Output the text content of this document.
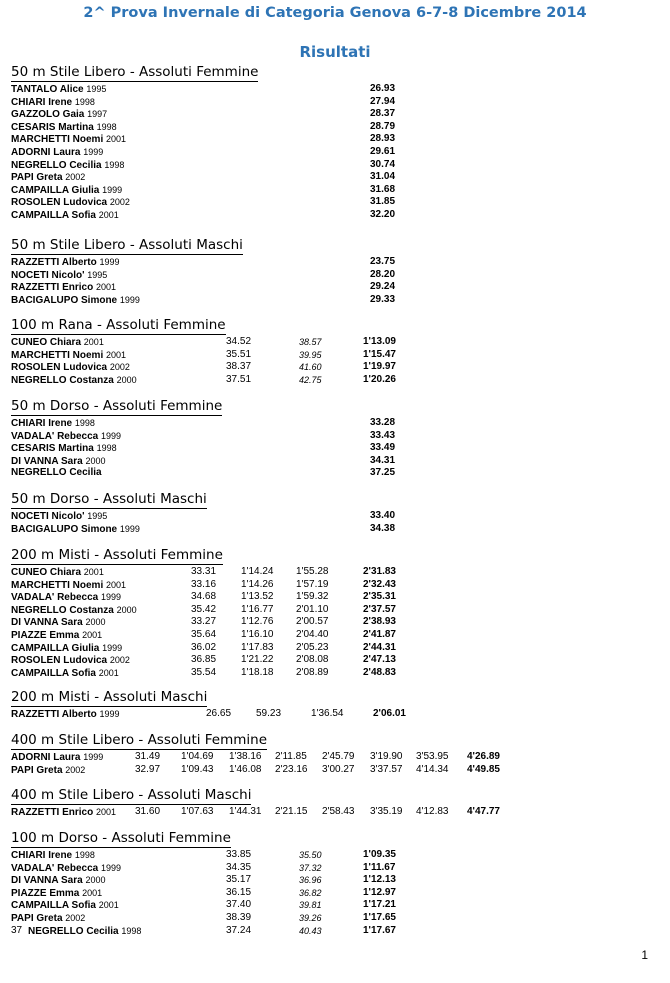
2^ Prova Invernale di Categoria Genova 6-7-8 Dicembre 2014
Risultati
50 m Stile Libero - Assoluti Femmine
TANTALO Alice 1995	26.93
CHIARI Irene 1998	27.94
GAZZOLO Gaia 1997	28.37
CESARIS Martina 1998	28.79
MARCHETTI Noemi 2001	28.93
ADORNI Laura 1999	29.61
NEGRELLO Cecilia 1998	30.74
PAPI Greta 2002	31.04
CAMPAILLA Giulia 1999	31.68
ROSOLEN Ludovica 2002	31.85
CAMPAILLA Sofia 2001	32.20
50 m Stile Libero - Assoluti Maschi
RAZZETTI Alberto 1999	23.75
NOCETI Nicolo' 1995	28.20
RAZZETTI Enrico 2001	29.24
BACIGALUPO Simone 1999	29.33
100 m Rana - Assoluti Femmine
CUNEO Chiara 2001	34.52	38.57	1'13.09
MARCHETTI Noemi 2001	35.51	39.95	1'15.47
ROSOLEN Ludovica 2002	38.37	41.60	1'19.97
NEGRELLO Costanza 2000	37.51	42.75	1'20.26
50 m Dorso - Assoluti Femmine
CHIARI Irene 1998	33.28
VADALA' Rebecca 1999	33.43
CESARIS Martina 1998	33.49
DI VANNA Sara 2000	34.31
NEGRELLO Cecilia	37.25
50 m Dorso - Assoluti Maschi
NOCETI Nicolo' 1995	33.40
BACIGALUPO Simone 1999	34.38
200 m Misti - Assoluti Femmine
CUNEO Chiara 2001	33.31 1'14.24 1'55.28	2'31.83
MARCHETTI Noemi 2001	33.16 1'14.26 1'57.19	2'32.43
VADALA' Rebecca 1999	34.68 1'13.52 1'59.32	2'35.31
NEGRELLO Costanza 2000	35.42 1'16.77 2'01.10	2'37.57
DI VANNA Sara 2000	33.27 1'12.76 2'00.57	2'38.93
PIAZZE Emma 2001	35.64 1'16.10 2'04.40	2'41.87
CAMPAILLA Giulia 1999	36.02 1'17.83 2'05.23	2'44.31
ROSOLEN Ludovica 2002	36.85 1'21.22 2'08.08	2'47.13
CAMPAILLA Sofia 2001	35.54 1'18.18 2'08.89	2'48.83
200 m Misti - Assoluti Maschi
RAZZETTI Alberto 1999	26.65 59.23	1'36.54	2'06.01
400 m Stile Libero - Assoluti Femmine
ADORNI Laura 1999	31.49 1'04.69 1'38.16 2'11.85 2'45.79 3'19.90 3'53.95 4'26.89
PAPI Greta 2002	32.97 1'09.43 1'46.08 2'23.16 3'00.27 3'37.57 4'14.34 4'49.85
400 m Stile Libero - Assoluti Maschi
RAZZETTI Enrico 2001 31.60 1'07.63 1'44.31 2'21.15 2'58.43 3'35.19 4'12.83 4'47.77
100 m Dorso - Assoluti Femmine
CHIARI Irene 1998	33.85	35.50	1'09.35
VADALA' Rebecca 1999	34.35	37.32	1'11.67
DI VANNA Sara 2000	35.17	36.96	1'12.13
PIAZZE Emma 2001	36.15	36.82	1'12.97
CAMPAILLA Sofia 2001	37.40	39.81	1'17.21
PAPI Greta 2002	38.39	39.26	1'17.65
37 NEGRELLO Cecilia 1998	37.24	40.43	1'17.67
1
